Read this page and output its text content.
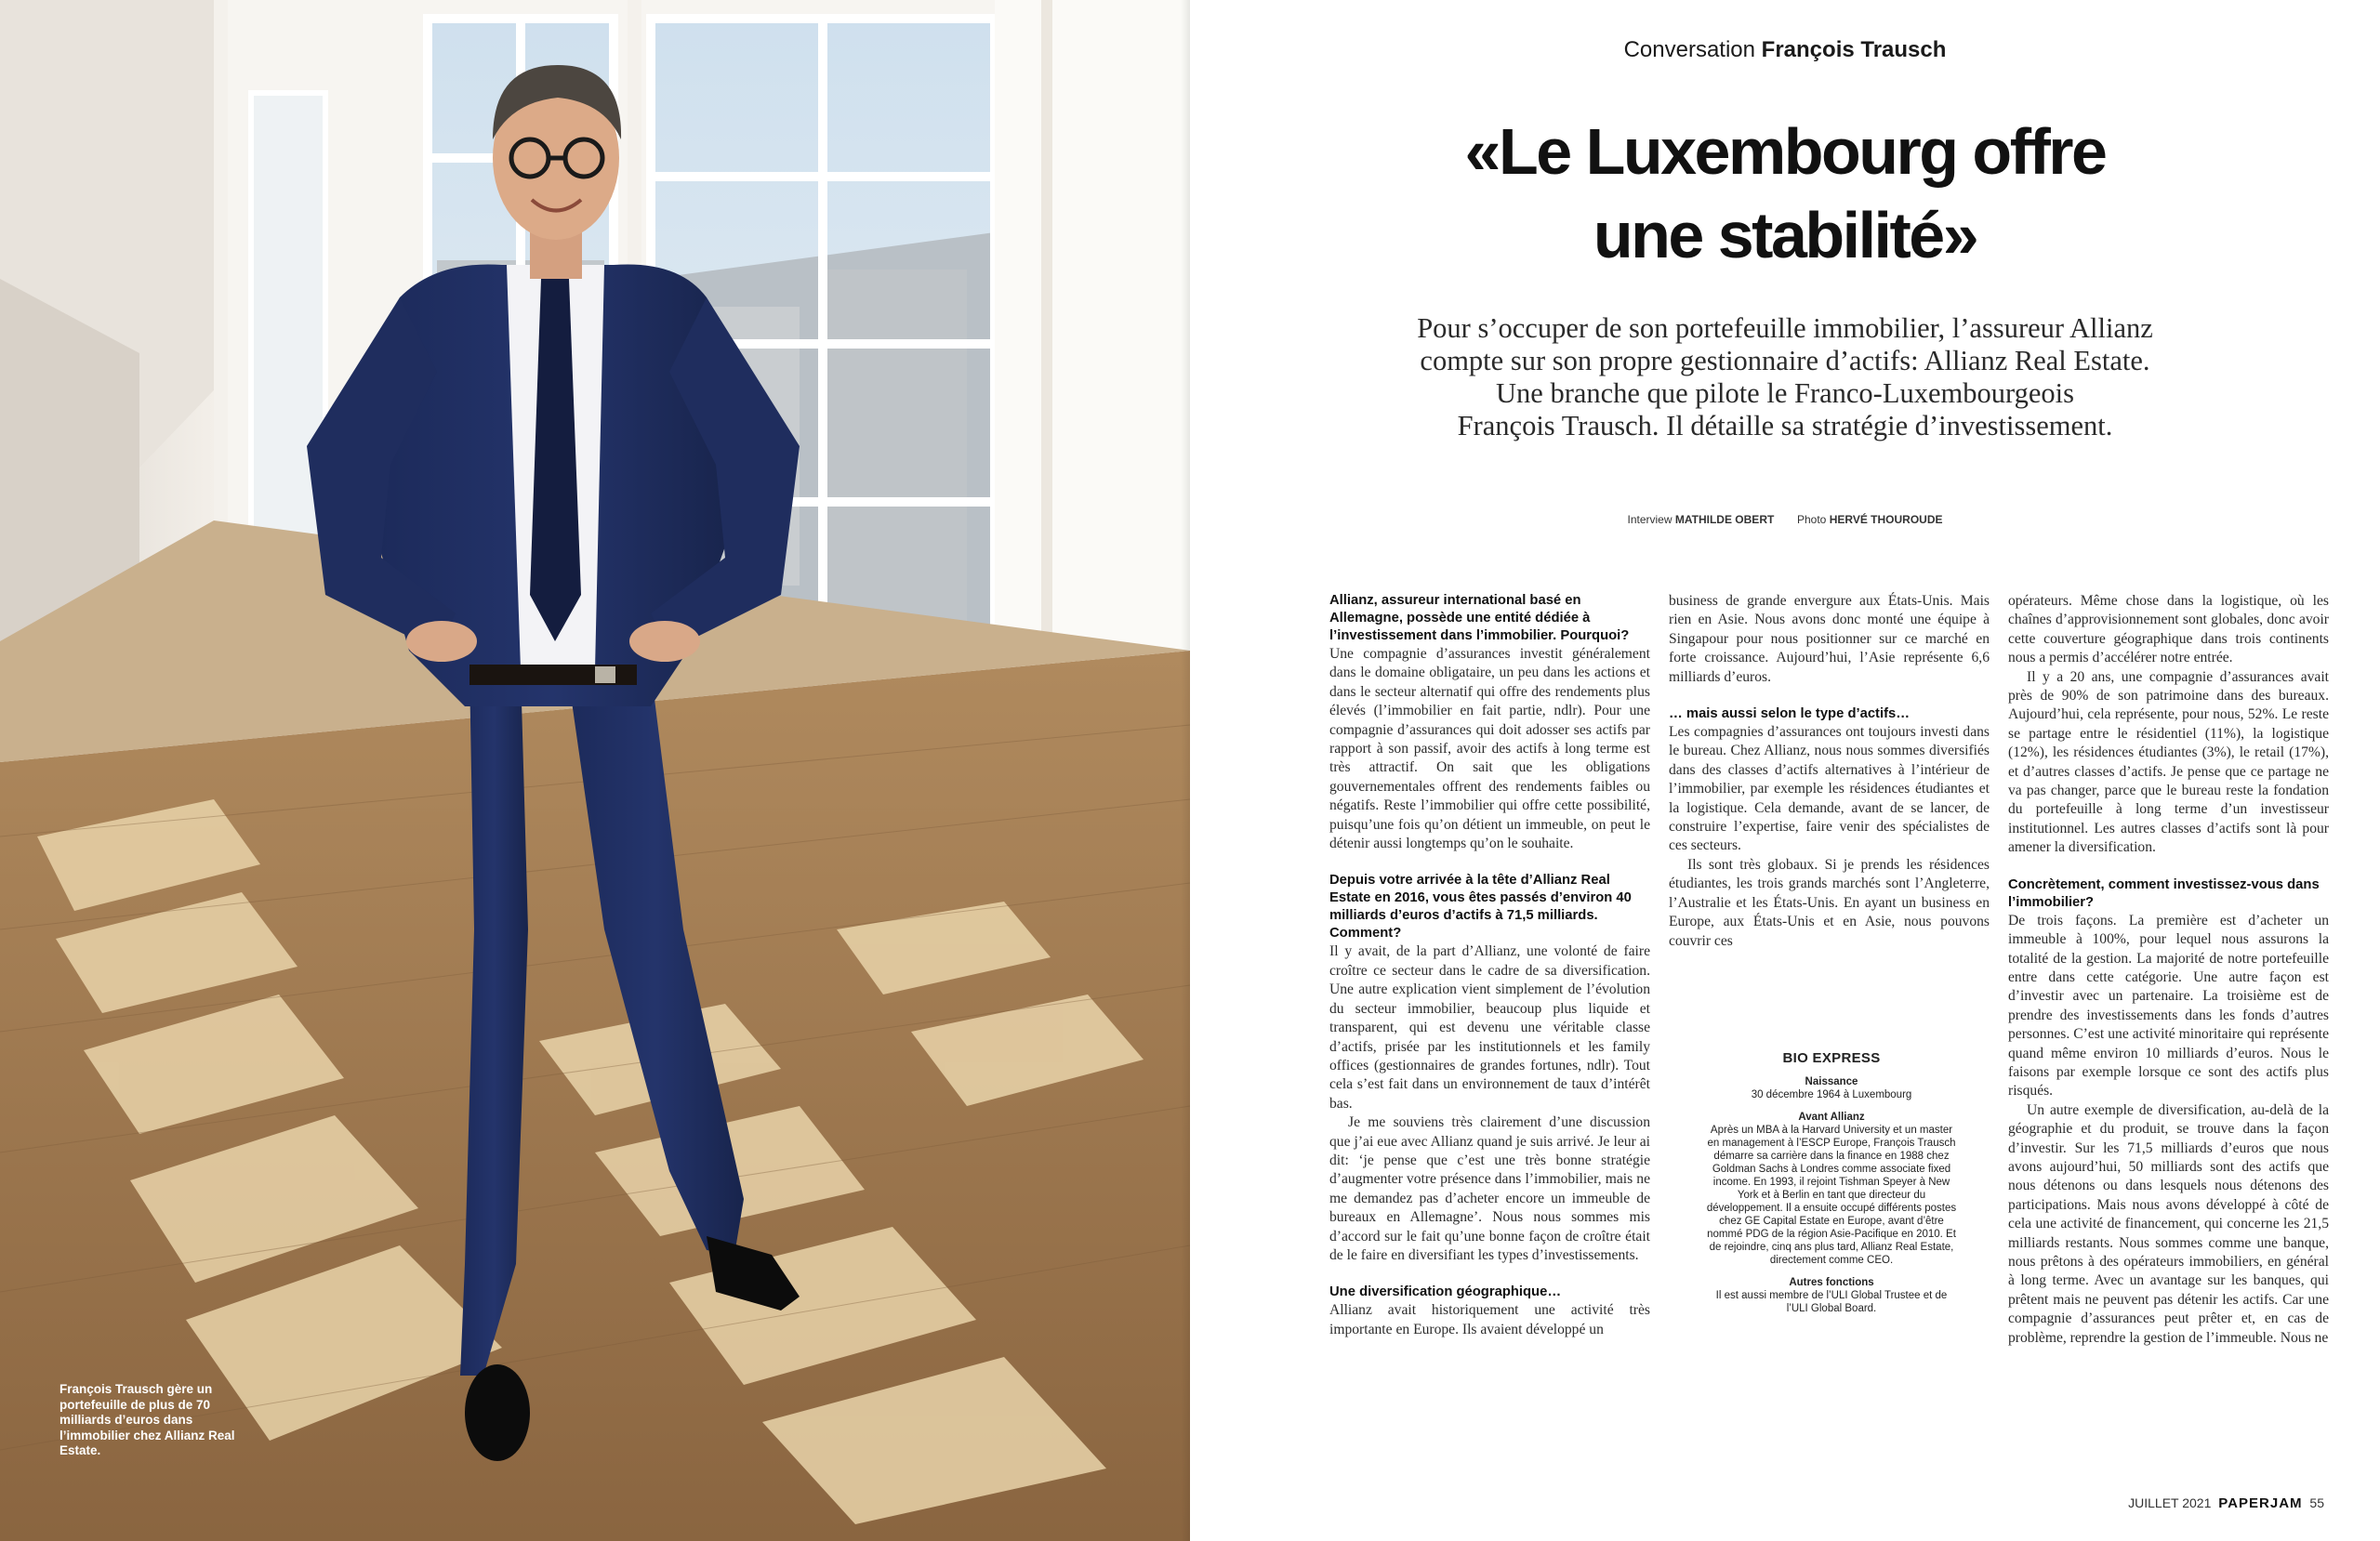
François Trausch gère un portefeuille de plus de 70 milliards d’euros dans l’immobilier chez Allianz Real Estate.
Conversation François Trausch
«Le Luxembourg offre
une stabilité»
Pour s’occuper de son portefeuille immobilier, l’assureur Allianz
compte sur son propre gestionnaire d’actifs: Allianz Real Estate.
Une branche que pilote le Franco-Luxembourgeois
François Trausch. Il détaille sa stratégie d’investissement.
Interview MATHILDE OBERT Photo HERVÉ THOUROUDE
Allianz, assureur international basé en Allemagne, possède une entité dédiée à l’investissement dans l’immobilier. Pourquoi?
Une compagnie d’assurances investit généralement dans le domaine obligataire, un peu dans les actions et dans le secteur alternatif qui offre des rendements plus élevés (l’immobilier en fait partie, ndlr). Pour une compagnie d’assurances qui doit adosser ses actifs par rapport à son passif, avoir des actifs à long terme est très attractif. On sait que les obligations gouvernementales offrent des rendements faibles ou négatifs. Reste l’immobilier qui offre cette possibilité, puisqu’une fois qu’on détient un immeuble, on peut le détenir aussi longtemps qu’on le souhaite.
Depuis votre arrivée à la tête d’Allianz Real Estate en 2016, vous êtes passés d’environ 40 milliards d’euros d’actifs à 71,5 milliards. Comment?
Il y avait, de la part d’Allianz, une volonté de faire croître ce secteur dans le cadre de sa diversification. Une autre explication vient simplement de l’évolution du secteur immobilier, beaucoup plus liquide et transparent, qui est devenu une véritable classe d’actifs, prisée par les institutionnels et les family offices (gestionnaires de grandes fortunes, ndlr). Tout cela s’est fait dans un environnement de taux d’intérêt bas.
Je me souviens très clairement d’une discussion que j’ai eue avec Allianz quand je suis arrivé. Je leur ai dit: ‘je pense que c’est une très bonne stratégie d’augmenter votre présence dans l’immobilier, mais ne me demandez pas d’acheter encore un immeuble de bureaux en Allemagne’. Nous nous sommes mis d’accord sur le fait qu’une bonne façon de croître était de le faire en diversifiant les types d’investissements.
Une diversification géographique…
Allianz avait historiquement une activité très importante en Europe. Ils avaient développé un
business de grande envergure aux États-Unis. Mais rien en Asie. Nous avons donc monté une équipe à Singapour pour nous positionner sur ce marché en forte croissance. Aujourd’hui, l’Asie représente 6,6 milliards d’euros.
… mais aussi selon le type d’actifs…
Les compagnies d’assurances ont toujours investi dans le bureau. Chez Allianz, nous nous sommes diversifiés dans des classes d’actifs alternatives à l’intérieur de l’immobilier, par exemple les résidences étudiantes et la logistique. Cela demande, avant de se lancer, de construire l’expertise, faire venir des spécialistes de ces secteurs.
Ils sont très globaux. Si je prends les résidences étudiantes, les trois grands marchés sont l’Angleterre, l’Australie et les États-Unis. En ayant un business en Europe, aux États-Unis et en Asie, nous pouvons couvrir ces
opérateurs. Même chose dans la logistique, où les chaînes d’approvisionnement sont globales, donc avoir cette couverture géographique dans trois continents nous a permis d’accélérer notre entrée.
Il y a 20 ans, une compagnie d’assurances avait près de 90% de son patrimoine dans des bureaux. Aujourd’hui, cela représente, pour nous, 52%. Le reste se partage entre le résidentiel (11%), la logistique (12%), les résidences étudiantes (3%), le retail (17%), et d’autres classes d’actifs. Je pense que ce partage ne va pas changer, parce que le bureau reste la fondation du portefeuille à long terme d’un investisseur institutionnel. Les autres classes d’actifs sont là pour amener la diversification.
Concrètement, comment investissez-vous dans l’immobilier?
De trois façons. La première est d’acheter un immeuble à 100%, pour lequel nous assurons la totalité de la gestion. La majorité de notre portefeuille entre dans cette catégorie. Une autre façon est d’investir avec un partenaire. La troisième est de prendre des investissements dans les fonds d’autres personnes. C’est une activité minoritaire qui représente quand même environ 10 milliards d’euros. Nous le faisons par exemple lorsque ce sont des actifs plus risqués.
Un autre exemple de diversification, au-delà de la géographie et du produit, se trouve dans la façon d’investir. Sur les 71,5 milliards d’euros que nous avons aujourd’hui, 50 milliards sont des actifs que nous détenons ou dans lesquels nous détenons des participations. Mais nous avons développé à côté de cela une activité de financement, qui concerne les 21,5 milliards restants. Nous sommes comme une banque, nous prêtons à des opérateurs immobiliers, en général à long terme. Avec un avantage sur les banques, qui prêtent mais ne peuvent pas détenir les actifs. Car une compagnie d’assurances peut prêter et, en cas de problème, reprendre la gestion de l’immeuble. Nous ne
BIO EXPRESS
Naissance
30 décembre 1964 à Luxembourg
Avant Allianz
Après un MBA à la Harvard University et un master en management à l’ESCP Europe, François Trausch démarre sa carrière dans la finance en 1988 chez Goldman Sachs à Londres comme associate fixed income. En 1993, il rejoint Tishman Speyer à New York et à Berlin en tant que directeur du développement. Il a ensuite occupé différents postes chez GE Capital Estate en Europe, avant d’être nommé PDG de la région Asie-Pacifique en 2010. Et de rejoindre, cinq ans plus tard, Allianz Real Estate, directement comme CEO.
Autres fonctions
Il est aussi membre de l’ULI Global Trustee et de l’ULI Global Board.
JUILLET 2021 PAPERJAM 55
